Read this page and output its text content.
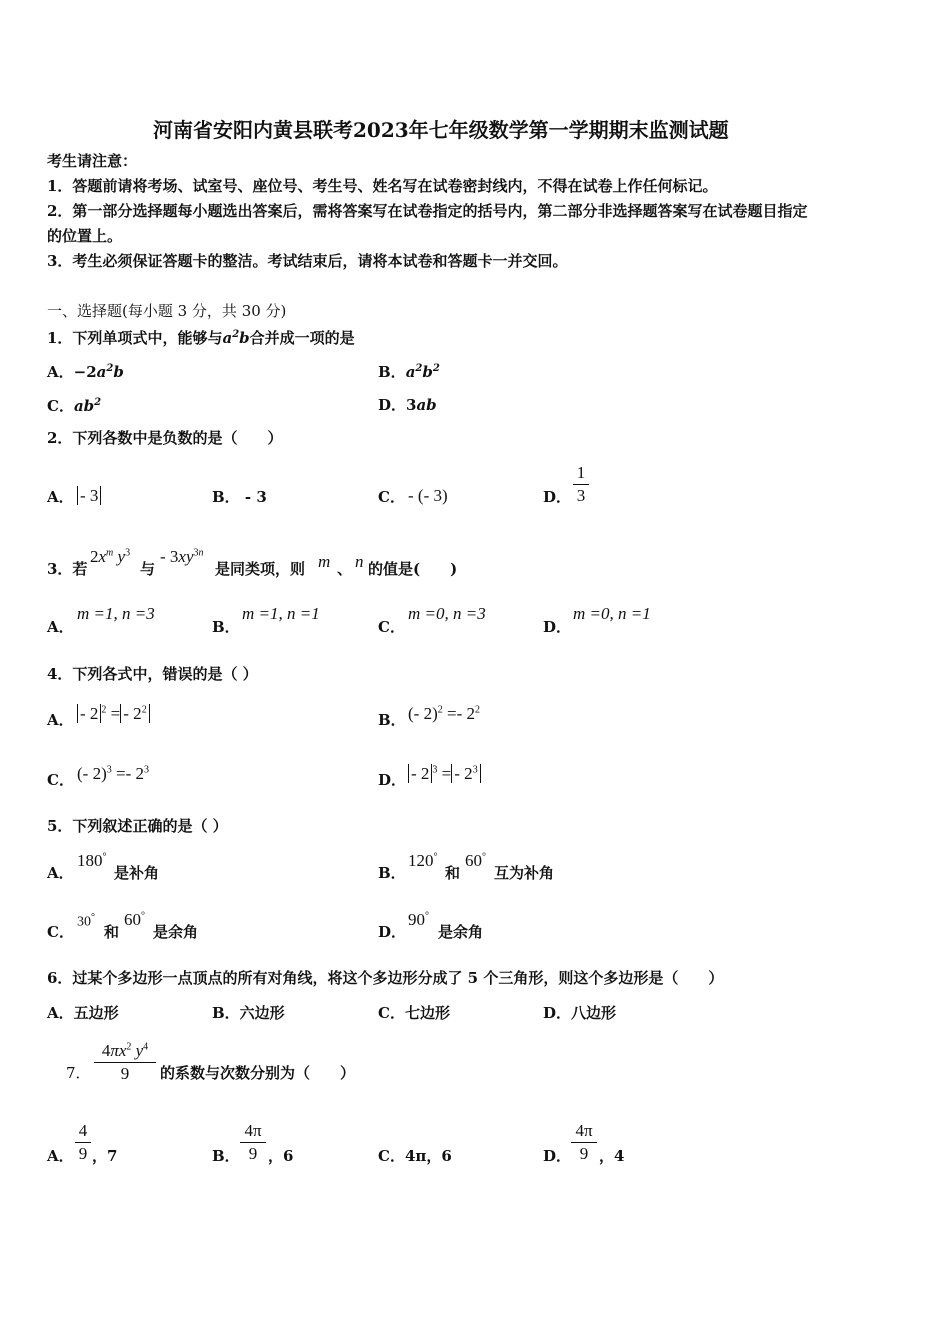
河南省安阳内黄县联考2023年七年级数学第一学期期末监测试题
考生请注意：
1．答题前请将考场、试室号、座位号、考生号、姓名写在试卷密封线内，不得在试卷上作任何标记。
2．第一部分选择题每小题选出答案后，需将答案写在试卷指定的括号内，第二部分非选择题答案写在试卷题目指定
的位置上。
3．考生必须保证答题卡的整洁。考试结束后，请将本试卷和答题卡一并交回。
一、选择题(每小题 3 分，共 30 分)
1．下列单项式中，能够与$a^2b$合并成一项的是
A．$-2a^2b$	B．$a^2b^2$
C．$ab^2$	D．3ab
2．下列各数中是负数的是（　　）
A． - 3	B． - 3	C． - (- 3)	D．
1
3
3．若
$2x^m$ $y^3$
与
- $3xy^{3n}$
是同类项，则 m 、 n 的值是(　　)
A．
m =1, n =3
B．
m =1, n =1
C．
m =0, n =3
D．
m =0, n =1
4．下列各式中，错误的是（ ）
A． - 2 $^2$ = - $2^2$
B． (- $2)^2 =- 2^2$
C． (- $2)^3 =- 2^3$
D． - 2 $^3$ = - $2^3$
5．下列叙述正确的是（ ）
A．
180°
是补角	B．
120°
和
60°
互为补角
C．
30°
和
60°
是余角	D．
90°
是余角
6．过某个多边形一点顶点的所有对角线，将这个多边形分成了 5 个三角形，则这个多边形是（　　）
A．五边形	B．六边形	C．七边形	D．八边形
7．
$4\pi x^2$ $y^4$
9	的系数与次数分别为（　　）
A．
4
9 ，7	B．
4π
9 ，6	C．4π，6	D．
4π
9 ，4
